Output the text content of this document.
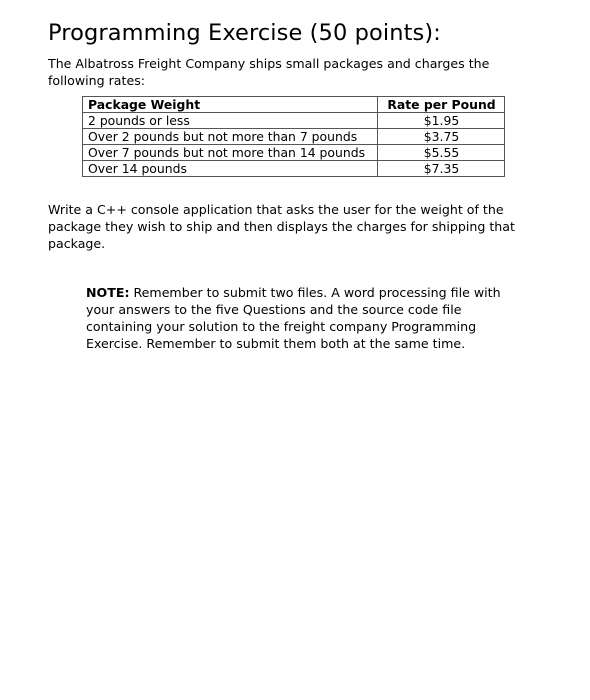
Programming Exercise (50 points):

The Albatross Freight Company ships small packages and charges the following rates:

Package Weight	Rate per Pound
2 pounds or less	$1.95
Over 2 pounds but not more than 7 pounds	$3.75
Over 7 pounds but not more than 14 pounds	$5.55
Over 14 pounds	$7.35

Write a C++ console application that asks the user for the weight of the package they wish to ship and then displays the charges for shipping that package.

NOTE: Remember to submit two files. A word processing file with your answers to the five Questions and the source code file containing your solution to the freight company Programming Exercise. Remember to submit them both at the same time.
